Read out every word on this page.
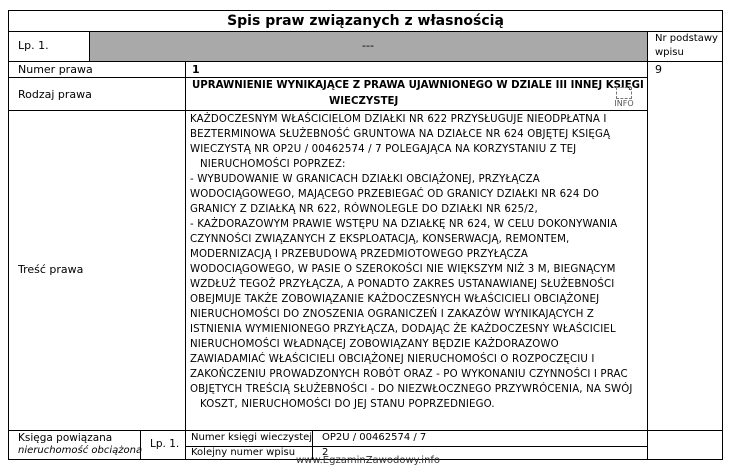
Spis praw związanych z własnością
Lp. 1.	---
Nr podstawy
wpisu
Numer prawa	1	9
Rodzaj prawa
UPRAWNIENIE WYNIKAJĄCE Z PRAWA UJAWNIONEGO W DZIALE III INNEJ KSIĘGI
WIECZYSTEJ	INFO
Treść prawa
KAŻDOCZESNYM WŁAŚCICIELOM DZIAŁKI NR 622 PRZYSŁUGUJE NIEODPŁATNA I
BEZTERMINOWA SŁUŻEBNOŚĆ GRUNTOWA NA DZIAŁCE NR 624 OBJĘTEJ KSIĘGĄ
WIECZYSTĄ NR OP2U / 00462574 / 7 POLEGAJĄCA NA KORZYSTANIU Z TEJ
NIERUCHOMOŚCI POPRZEZ:
- WYBUDOWANIE W GRANICACH DZIAŁKI OBCIĄŻONEJ, PRZYŁĄCZA
WODOCIĄGOWEGO, MAJĄCEGO PRZEBIEGAĆ OD GRANICY DZIAŁKI NR 624 DO
GRANICY Z DZIAŁKĄ NR 622, RÓWNOLEGLE DO DZIAŁKI NR 625/2,
- KAŻDORAZOWYM PRAWIE WSTĘPU NA DZIAŁKĘ NR 624, W CELU DOKONYWANIA
CZYNNOŚCI ZWIĄZANYCH Z EKSPLOATACJĄ, KONSERWACJĄ, REMONTEM,
MODERNIZACJĄ I PRZEBUDOWĄ PRZEDMIOTOWEGO PRZYŁĄCZA
WODOCIĄGOWEGO, W PASIE O SZEROKOŚCI NIE WIĘKSZYM NIŻ 3 M, BIEGNĄCYM
WZDŁUŻ TEGOŻ PRZYŁĄCZA, A PONADTO ZAKRES USTANAWIANEJ SŁUŻEBNOŚCI
OBEJMUJE TAKŻE ZOBOWIĄZANIE KAŻDOCZESNYCH WŁAŚCICIELI OBCIĄŻONEJ
NIERUCHOMOŚCI DO ZNOSZENIA OGRANICZEŃ I ZAKAZÓW WYNIKAJĄCYCH Z
ISTNIENIA WYMIENIONEGO PRZYŁĄCZA, DODAJĄC ŻE KAŻDOCZESNY WŁAŚCICIEL
NIERUCHOMOŚCI WŁADNĄCEJ ZOBOWIĄZANY BĘDZIE KAŻDORAZOWO
ZAWIADAMIAĆ WŁAŚCICIELI OBCIĄŻONEJ NIERUCHOMOŚCI O ROZPOCZĘCIU I
ZAKOŃCZENIU PROWADZONYCH ROBÓT ORAZ - PO WYKONANIU CZYNNOŚCI I PRAC
OBJĘTYCH TREŚCIĄ SŁUŻEBNOŚCI - DO NIEZWŁOCZNEGO PRZYWRÓCENIA, NA SWÓJ
KOSZT, NIERUCHOMOŚCI DO JEJ STANU POPRZEDNIEGO.
Księga powiązana
nieruchomość obciążona
Lp. 1.
Numer księgi wieczystej OP2U / 00462574 / 7
Kolejny numer wpisu	2
www.EgzaminZawodowy.info
